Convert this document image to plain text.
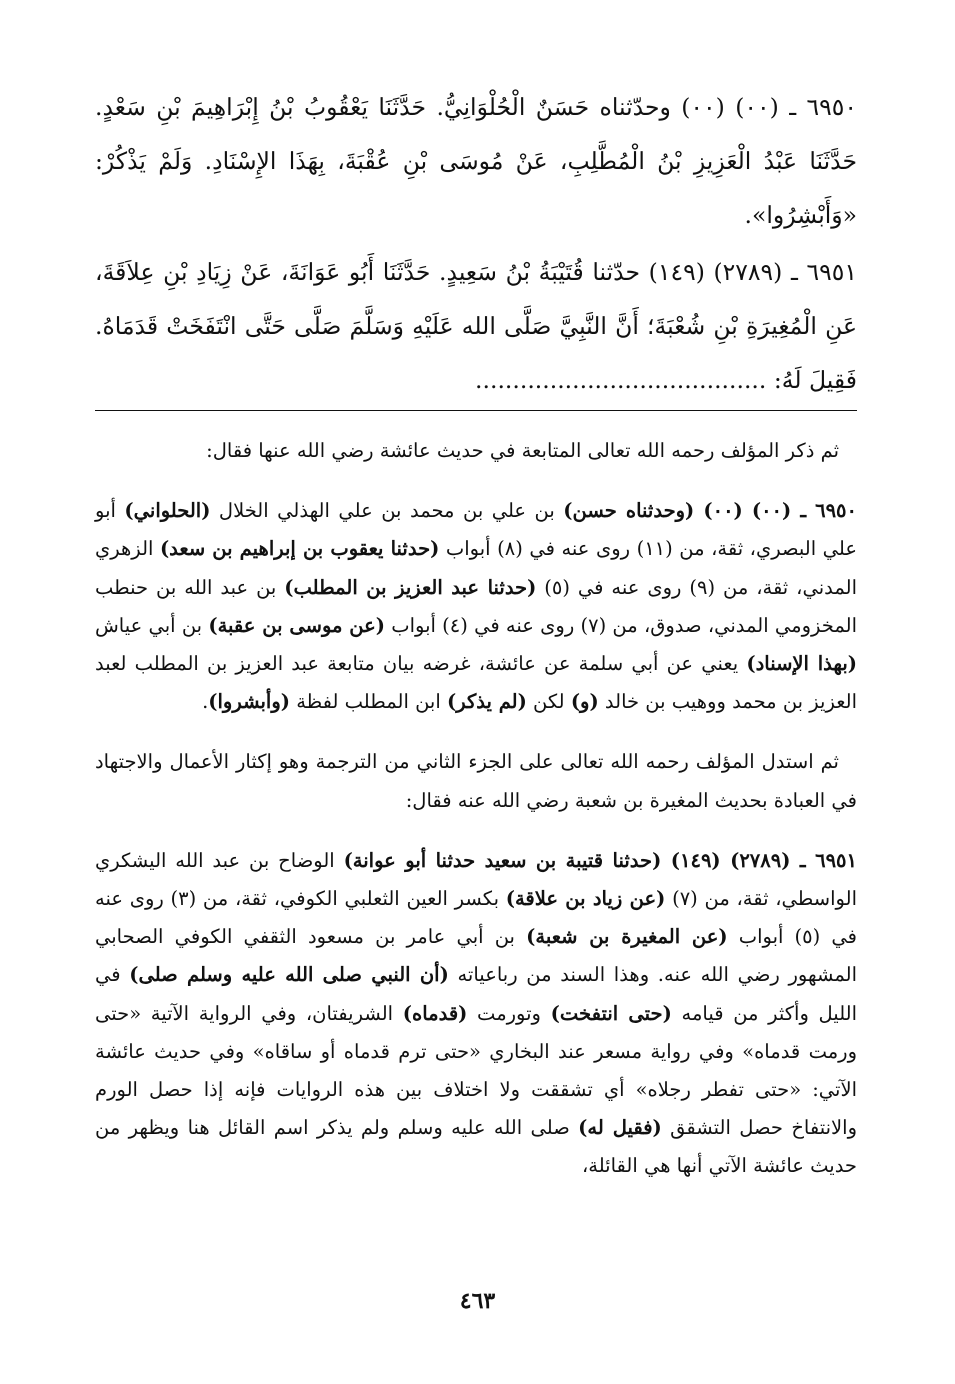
٦٩٥٠ ـ (٠٠) (٠٠) وحدّثناه حَسَنٌ الْحُلْوَانِيُّ. حَدَّثَنَا يَعْقُوبُ بْنُ إِبْرَاهِيمَ بْنِ سَعْدٍ. حَدَّثَنَا عَبْدُ الْعَزِيزِ بْنُ الْمُطَّلِبِ، عَنْ مُوسَى بْنِ عُقْبَةَ، بِهَذَا الإِسْنَادِ. وَلَمْ يَذْكُرْ: «وَأَبْشِرُوا».

٦٩٥١ ـ (٢٧٨٩) (١٤٩) حدّثنا قُتَيْبَةُ بْنُ سَعِيدٍ. حَدَّثَنَا أَبُو عَوَانَةَ، عَنْ زِيَادِ بْنِ عِلاَقَةَ، عَنِ الْمُغِيرَةِ بْنِ شُعْبَةَ؛ أَنَّ النَّبِيَّ صَلَّى الله عَلَيْهِ وَسَلَّمَ صَلَّى حَتَّى انْتَفَخَتْ قَدَمَاهُ. فَقِيلَ لَهُ: .......................................

ثم ذكر المؤلف رحمه الله تعالى المتابعة في حديث عائشة رضي الله عنها فقال:

٦٩٥٠ ـ (٠٠) (٠٠) (وحدثناه حسن) بن علي بن محمد بن علي الهذلي الخلال (الحلواني) أبو علي البصري، ثقة، من (١١) روى عنه في (٨) أبواب (حدثنا يعقوب بن إبراهيم بن سعد) الزهري المدني، ثقة، من (٩) روى عنه في (٥) (حدثنا عبد العزيز بن المطلب) بن عبد الله بن حنطب المخزومي المدني، صدوق، من (٧) روى عنه في (٤) أبواب (عن موسى بن عقبة) بن أبي عياش (بهذا الإسناد) يعني عن أبي سلمة عن عائشة، غرضه بيان متابعة عبد العزيز بن المطلب لعبد العزيز بن محمد ووهيب بن خالد (و) لكن (لم يذكر) ابن المطلب لفظة (وأبشروا).

ثم استدل المؤلف رحمه الله تعالى على الجزء الثاني من الترجمة وهو إكثار الأعمال والاجتهاد في العبادة بحديث المغيرة بن شعبة رضي الله عنه فقال:

٦٩٥١ ـ (٢٧٨٩) (١٤٩) (حدثنا قتيبة بن سعيد حدثنا أبو عوانة) الوضاح بن عبد الله اليشكري الواسطي، ثقة، من (٧) (عن زياد بن علاقة) بكسر العين الثعلبي الكوفي، ثقة، من (٣) روى عنه في (٥) أبواب (عن المغيرة بن شعبة) بن أبي عامر بن مسعود الثقفي الكوفي الصحابي المشهور رضي الله عنه. وهذا السند من رباعياته (أن النبي صلى الله عليه وسلم صلى) في الليل وأكثر من قيامه (حتى انتفخت) وتورمت (قدماه) الشريفتان، وفي الرواية الآتية «حتى ورمت قدماه» وفي رواية مسعر عند البخاري «حتى ترم قدماه أو ساقاه» وفي حديث عائشة الآتي: «حتى تفطر رجلاه» أي تشققت ولا اختلاف بين هذه الروايات فإنه إذا حصل الورم والانتفاخ حصل التشقق (فقيل له) صلى الله عليه وسلم ولم يذكر اسم القائل هنا ويظهر من حديث عائشة الآتي أنها هي القائلة،

٤٦٣
